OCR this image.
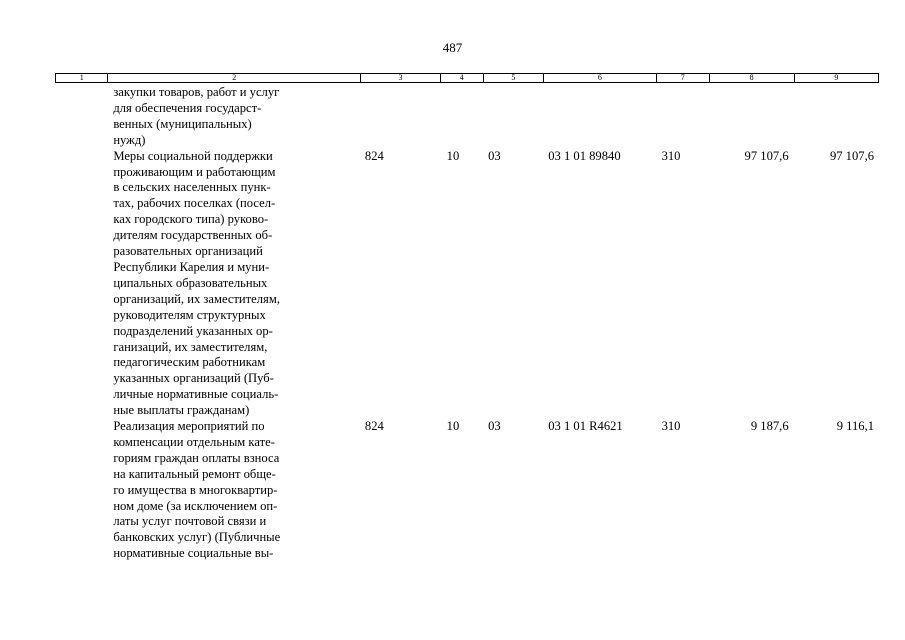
487
1	2	3	4	5	6	7	8	9
закупки товаров, работ и услуг
для обеспечения государст-
венных (муниципальных)
нужд)
Меры социальной поддержки
проживающим и работающим
в сельских населенных пунк-
тах, рабочих поселках (посел-
ках городского типа) руково-
дителям государственных об-
разовательных организаций
Республики Карелия и муни-
ципальных образовательных
организаций, их заместителям,
руководителям структурных
подразделений указанных ор-
ганизаций, их заместителям,
педагогическим работникам
указанных организаций (Пуб-
личные нормативные социаль-
ные выплаты гражданам)
824	10	03	03 1 01 89840	310	97 107,6	97 107,6
Реализация мероприятий по
компенсации отдельным кате-
гориям граждан оплаты взноса
на капитальный ремонт обще-
го имущества в многоквартир-
ном доме (за исключением оп-
латы услуг почтовой связи и
банковских услуг) (Публичные
нормативные социальные вы-
824	10	03	03 1 01 R4621	310	9 187,6	9 116,1
